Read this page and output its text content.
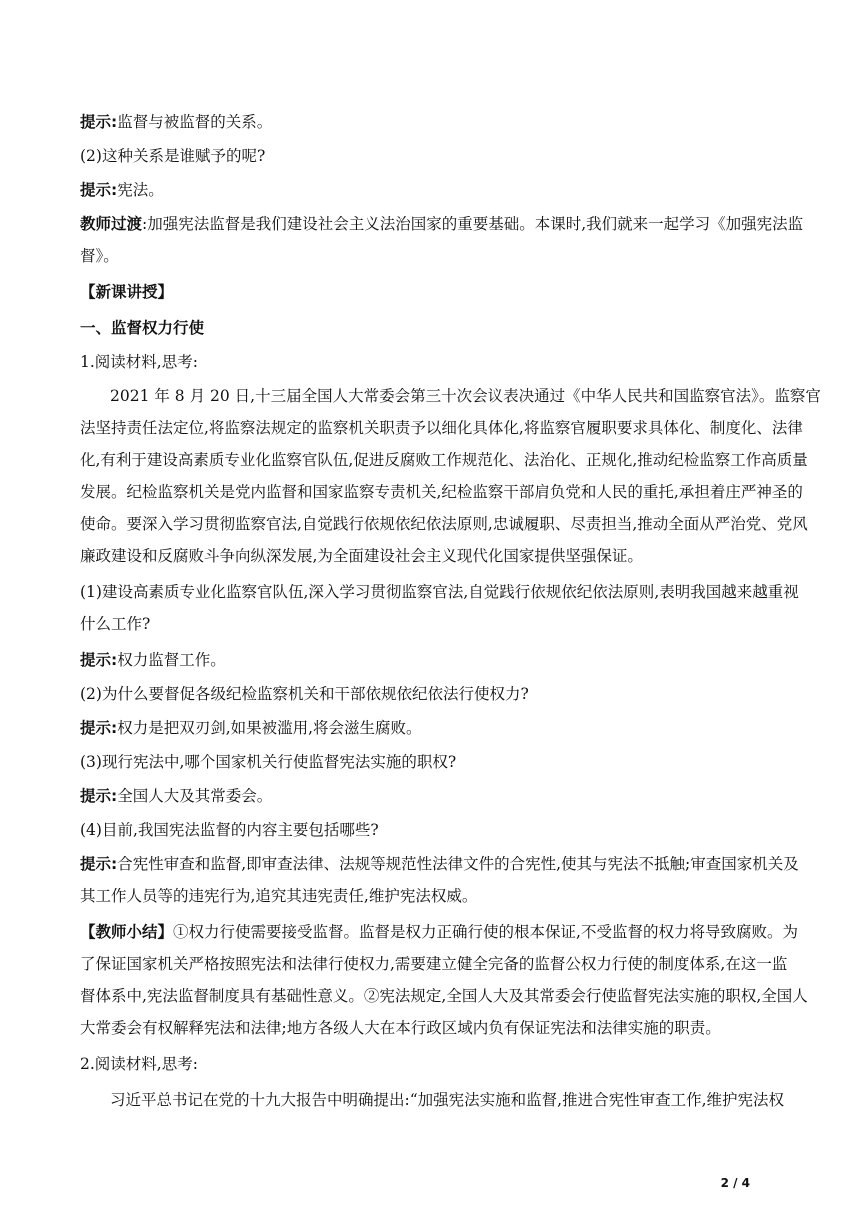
提示:监督与被监督的关系。
(2)这种关系是谁赋予的呢?
提示:宪法。
教师过渡:加强宪法监督是我们建设社会主义法治国家的重要基础。本课时,我们就来一起学习《加强宪法监
督》。
【新课讲授】
一、监督权力行使
1.阅读材料,思考:
2021 年 8 月 20 日,十三届全国人大常委会第三十次会议表决通过《中华人民共和国监察官法》。监察官
法坚持责任法定位,将监察法规定的监察机关职责予以细化具体化,将监察官履职要求具体化、制度化、法律
化,有利于建设高素质专业化监察官队伍,促进反腐败工作规范化、法治化、正规化,推动纪检监察工作高质量
发展。纪检监察机关是党内监督和国家监察专责机关,纪检监察干部肩负党和人民的重托,承担着庄严神圣的
使命。要深入学习贯彻监察官法,自觉践行依规依纪依法原则,忠诚履职、尽责担当,推动全面从严治党、党风
廉政建设和反腐败斗争向纵深发展,为全面建设社会主义现代化国家提供坚强保证。
(1)建设高素质专业化监察官队伍,深入学习贯彻监察官法,自觉践行依规依纪依法原则,表明我国越来越重视
什么工作?
提示:权力监督工作。
(2)为什么要督促各级纪检监察机关和干部依规依纪依法行使权力?
提示:权力是把双刃剑,如果被滥用,将会滋生腐败。
(3)现行宪法中,哪个国家机关行使监督宪法实施的职权?
提示:全国人大及其常委会。
(4)目前,我国宪法监督的内容主要包括哪些?
提示:合宪性审查和监督,即审查法律、法规等规范性法律文件的合宪性,使其与宪法不抵触;审查国家机关及
其工作人员等的违宪行为,追究其违宪责任,维护宪法权威。
【教师小结】①权力行使需要接受监督。监督是权力正确行使的根本保证,不受监督的权力将导致腐败。为
了保证国家机关严格按照宪法和法律行使权力,需要建立健全完备的监督公权力行使的制度体系,在这一监
督体系中,宪法监督制度具有基础性意义。②宪法规定,全国人大及其常委会行使监督宪法实施的职权,全国人
大常委会有权解释宪法和法律;地方各级人大在本行政区域内负有保证宪法和法律实施的职责。
2.阅读材料,思考:
习近平总书记在党的十九大报告中明确提出:“加强宪法实施和监督,推进合宪性审查工作,维护宪法权
2 / 4
